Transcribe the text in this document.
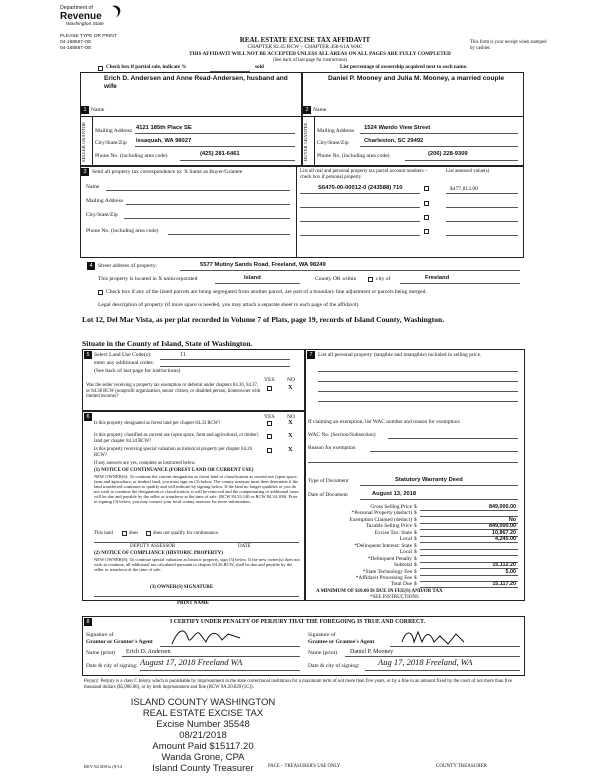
Department of
Revenue
Washington State
PLEASE TYPE OR PRINT
04-168567-OE
04-168567-OE
REAL ESTATE EXCISE TAX AFFIDAVIT
CHAPTER 82.45 RCW – CHAPTER 458-61A WAC
This form is your receipt when stamped by cashier.
THIS AFFIDAVIT WILL NOT BE ACCEPTED UNLESS ALL AREAS ON ALL PAGES ARE FULLY COMPLETED
(See back of last page for instructions)
Check box if partial sale, indicate %	sold	List percentage of ownership acquired next to each name.
1 Name
Erich D. Andersen and Anne Read-Andersen, husband and wife
SELLER GRANTOR	Mailing Address 4121 185th Place SE
City/State/Zip Issaquah, WA 98027
Phone No. (including area code)	(425) 281-6461
2 Name
Daniel P. Mooney and Julia M. Mooney, a married couple
BUYER GRANTEE	Mailing Address 1524 Wando View Street
City/State/Zip	Charleston, SC 29492
Phone No. (including area code)	(206) 228-9309
3 Send all property tax correspondence to: X Same as Buyer/Grantee
Name
Mailing Address
City/State/Zip
Phone No. (including area code)
List all real and personal property tax parcel account numbers – check box if personal property
List assessed value(s)
S6470-00-00012-0 (243588) 710	$477,813.00
4 Street address of property:	5577 Mutiny Sands Road, Freeland, WA 98249
This property is located in X unincorporated	Island	County OR within	city of	Freeland
Check box if any of the listed parcels are being segregated from another parcel, are part of a boundary line adjustment or parcels being merged.
Legal description of property (if more space is needed, you may attach a separate sheet to each page of the affidavit)
Lot 12, Del Mar Vista, as per plat recorded in Volume 7 of Plats, page 19, records of Island County, Washington.
Situate in the County of Island, State of Washington.
5 Select Land Use Code(s):	11
enter any additional codes:
(See back of last page for instructions)
YES NO
Was the seller receiving a property tax exemption or deferral under chapters 84.36, 84.37, or 84.38 RCW (nonprofit organization, senior citizen, or disabled person, homeowner with limited income)?
X
6	YES NO
Is this property designated as forest land per chapter 84.33 RCW?	X
Is this property classified as current use (open space, farm and agricultural, or timber) land per chapter 84.34 RCW?
X
Is this property receiving special valuation as historical property per chapter 84.26 RCW?
X
If any answers are yes, complete as instructed below.
(1) NOTICE OF CONTINUANCE (FOREST LAND OR CURRENT USE)
NEW OWNER(S): To continue the current designation as forest land or classification as current use (open space, farm and agriculture, or timber) land, you must sign on (3) below. The county assessor must then determine if the land transferred continues to qualify and will indicate by signing below. If the land no longer qualifies or you do not wish to continue the designation or classification, it will be removed and the compensating or additional taxes will be due and payable by the seller or transferor at the time of sale. (RCW 84.33.140 or RCW 84.34.108). Prior to signing (3) below, you may contact your local county assessor for more information.
This land	does	does not qualify for continuance.
DEPUTY ASSESSOR	DATE
(2) NOTICE OF COMPLIANCE (HISTORIC PROPERTY)
NEW OWNER(S): To continue special valuation as historic property, sign (3) below. If the new owner(s) does not wish to continue, all additional tax calculated pursuant to chapter 84.26 RCW, shall be due and payable by the seller or transferor at the time of sale.
(3) OWNER(S) SIGNATURE
PRINT NAME
7	List all personal property (tangible and intangible) included in selling price.
If claiming an exemption, list WAC number and reason for exemption:
WAC No. (Section/Subsection)
Reason for exemption
Type of Document	Statutory Warranty Deed
Date of Document	August 13, 2018
Gross Selling Price $	849,000.00
*Personal Property (deduct) $
Exemption Claimed (deduct) $	No
Taxable Selling Price $	849,000.00
Excise Tax: State $	10,867.20
Local $	4,245.00
*Delinquent Interest: State $
Local $
*Delinquent Penalty $
Subtotal $	15,112.20
*State Technology Fee $	5.00
*Affidavit Processing Fee $
Total Due $	15,117.20
A MINIMUM OF $10.00 IS DUE IN FEE(S) AND/OR TAX
*SEE INSTRUCTIONS
8	I CERTIFY UNDER PENALTY OF PERJURY THAT THE FOREGOING IS TRUE AND CORRECT.
Signature of
Grantor or Grantor's Agent
Name (print) Erich D. Andersen
Date & city of signing: August 17, 2018 Freeland WA
Signature of
Grantee or Grantee's Agent
Name (print) Daniel P. Mooney
Date & city of signing: Aug 17, 2018 Freeland, WA
Perjury: Perjury is a class C felony which is punishable by imprisonment in the state correctional institution for a maximum term of not more than five years, or by a fine in an amount fixed by the court of not more than five thousand dollars ($5,000.00), or by both imprisonment and fine (RCW 9A.20.020 (1C)).
ISLAND COUNTY WASHINGTON
REAL ESTATE EXCISE TAX
Excise Number 35548
08/21/2018
Amount Paid $15117.20
Wanda Grone, CPA
Island County Treasurer
REV 84 0001a (9/14	PACE – TREASURER'S USE ONLY	COUNTY TREASURER
